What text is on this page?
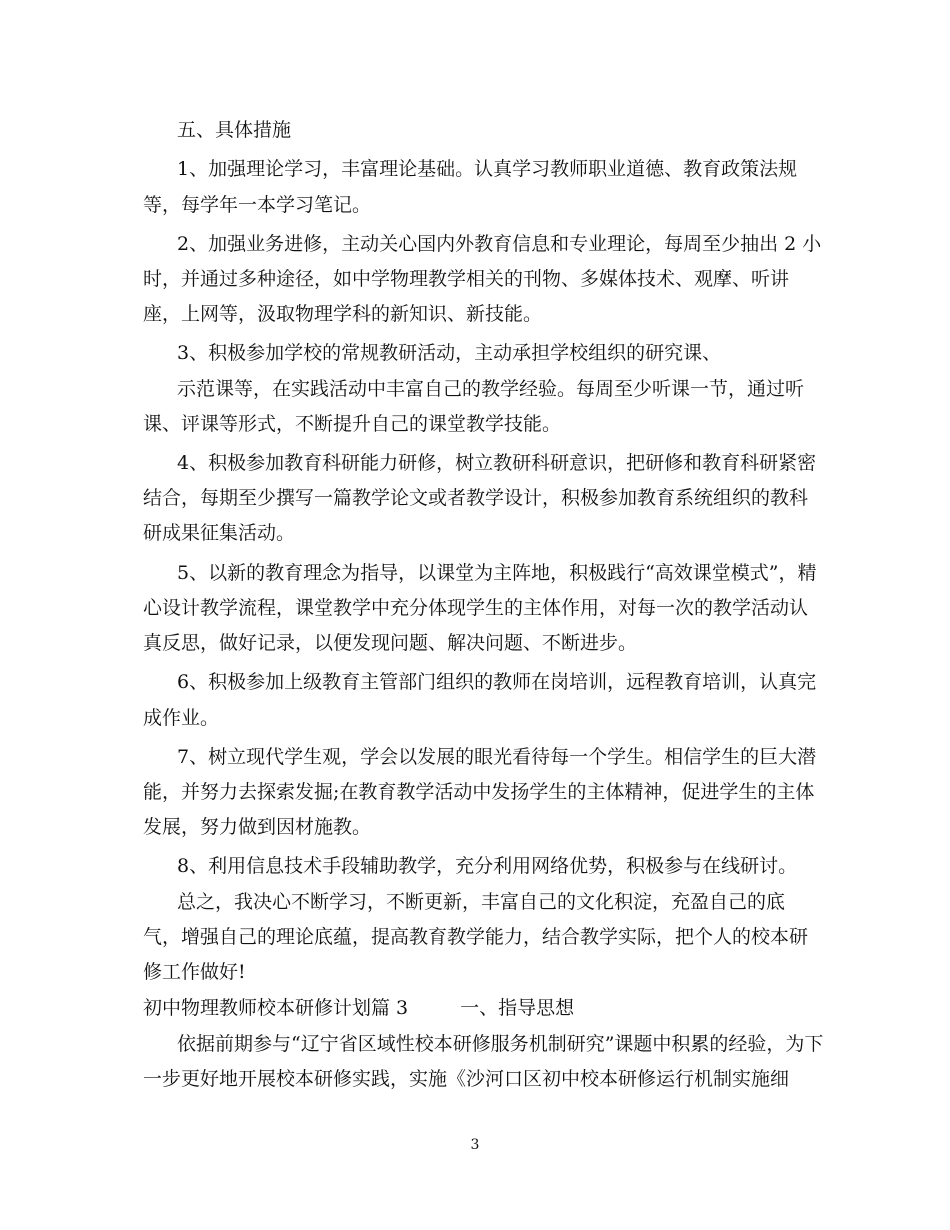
五、具体措施
1、加强理论学习，丰富理论基础。认真学习教师职业道德、教育政策法规
等，每学年一本学习笔记。
2、加强业务进修，主动关心国内外教育信息和专业理论，每周至少抽出 2 小
时，并通过多种途径，如中学物理教学相关的刊物、多媒体技术、观摩、听讲
座，上网等，汲取物理学科的新知识、新技能。
3、积极参加学校的常规教研活动，主动承担学校组织的研究课、
示范课等，在实践活动中丰富自己的教学经验。每周至少听课一节，通过听
课、评课等形式，不断提升自己的课堂教学技能。
4、积极参加教育科研能力研修，树立教研科研意识，把研修和教育科研紧密
结合，每期至少撰写一篇教学论文或者教学设计，积极参加教育系统组织的教科
研成果征集活动。
5、以新的教育理念为指导，以课堂为主阵地，积极践行“高效课堂模式”，精
心设计教学流程，课堂教学中充分体现学生的主体作用，对每一次的教学活动认
真反思，做好记录，以便发现问题、解决问题、不断进步。
6、积极参加上级教育主管部门组织的教师在岗培训，远程教育培训，认真完
成作业。
7、树立现代学生观，学会以发展的眼光看待每一个学生。相信学生的巨大潜
能，并努力去探索发掘;在教育教学活动中发扬学生的主体精神，促进学生的主体
发展，努力做到因材施教。
8、利用信息技术手段辅助教学，充分利用网络优势，积极参与在线研讨。
总之，我决心不断学习，不断更新，丰富自己的文化积淀，充盈自己的底
气，增强自己的理论底蕴，提高教育教学能力，结合教学实际，把个人的校本研
修工作做好!
初中物理教师校本研修计划篇 3	一、指导思想
依据前期参与“辽宁省区域性校本研修服务机制研究”课题中积累的经验，为下
一步更好地开展校本研修实践，实施《沙河口区初中校本研修运行机制实施细
3
